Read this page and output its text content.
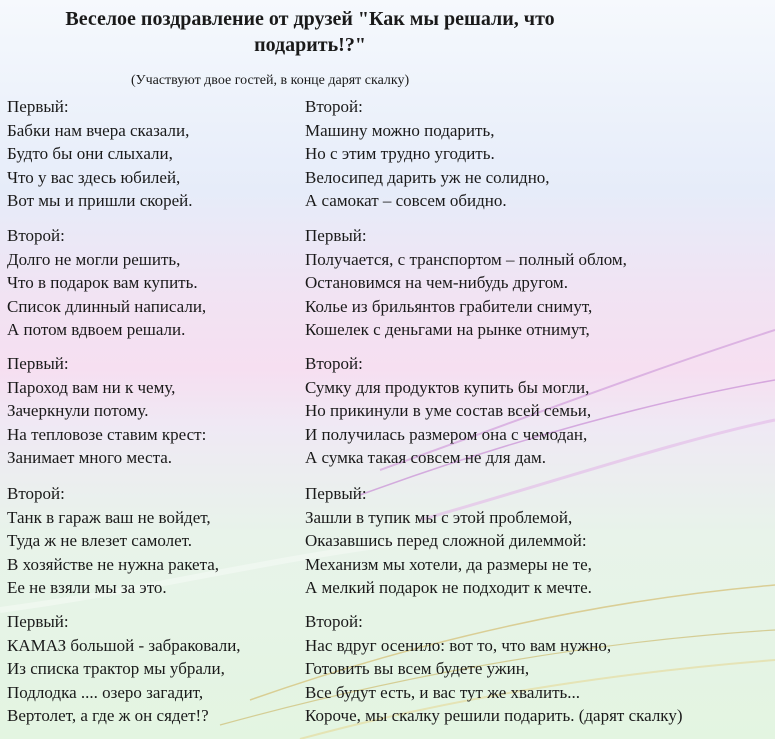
Веселое поздравление от друзей "Как мы решали, что
подарить!?"
(Участвуют двое гостей, в конце дарят скалку)
Первый:
Бабки нам вчера сказали,
Будто бы они слыхали,
Что у вас здесь юбилей,
Вот мы и пришли скорей.
Второй:
Долго не могли решить,
Что в подарок вам купить.
Список длинный написали,
А потом вдвоем решали.
Первый:
Пароход вам ни к чему,
Зачеркнули потому.
На тепловозе ставим крест:
Занимает много места.
Второй:
Танк в гараж ваш не войдет,
Туда ж не влезет самолет.
В хозяйстве не нужна ракета,
Ее не взяли мы за это.
Первый:
КАМАЗ большой - забраковали,
Из списка трактор мы убрали,
Подлодка .... озеро загадит,
Вертолет, а где ж он сядет!?
Второй:
Машину можно подарить,
Но с этим трудно угодить.
Велосипед дарить уж не солидно,
А самокат – совсем обидно.
Первый:
Получается, с транспортом – полный облом,
Остановимся на чем-нибудь другом.
Колье из брильянтов грабители снимут,
Кошелек с деньгами на рынке отнимут,
Второй:
Сумку для продуктов купить бы могли,
Но прикинули в уме состав всей семьи,
И получилась размером она с чемодан,
А сумка такая совсем не для дам.
Первый:
Зашли в тупик мы с этой проблемой,
Оказавшись перед сложной дилеммой:
Механизм мы хотели, да размеры не те,
А мелкий подарок не подходит к мечте.
Второй:
Нас вдруг осенило: вот то, что вам нужно,
Готовить вы всем будете ужин,
Все будут есть, и вас тут же хвалить...
Короче, мы скалку решили подарить. (дарят скалку)
